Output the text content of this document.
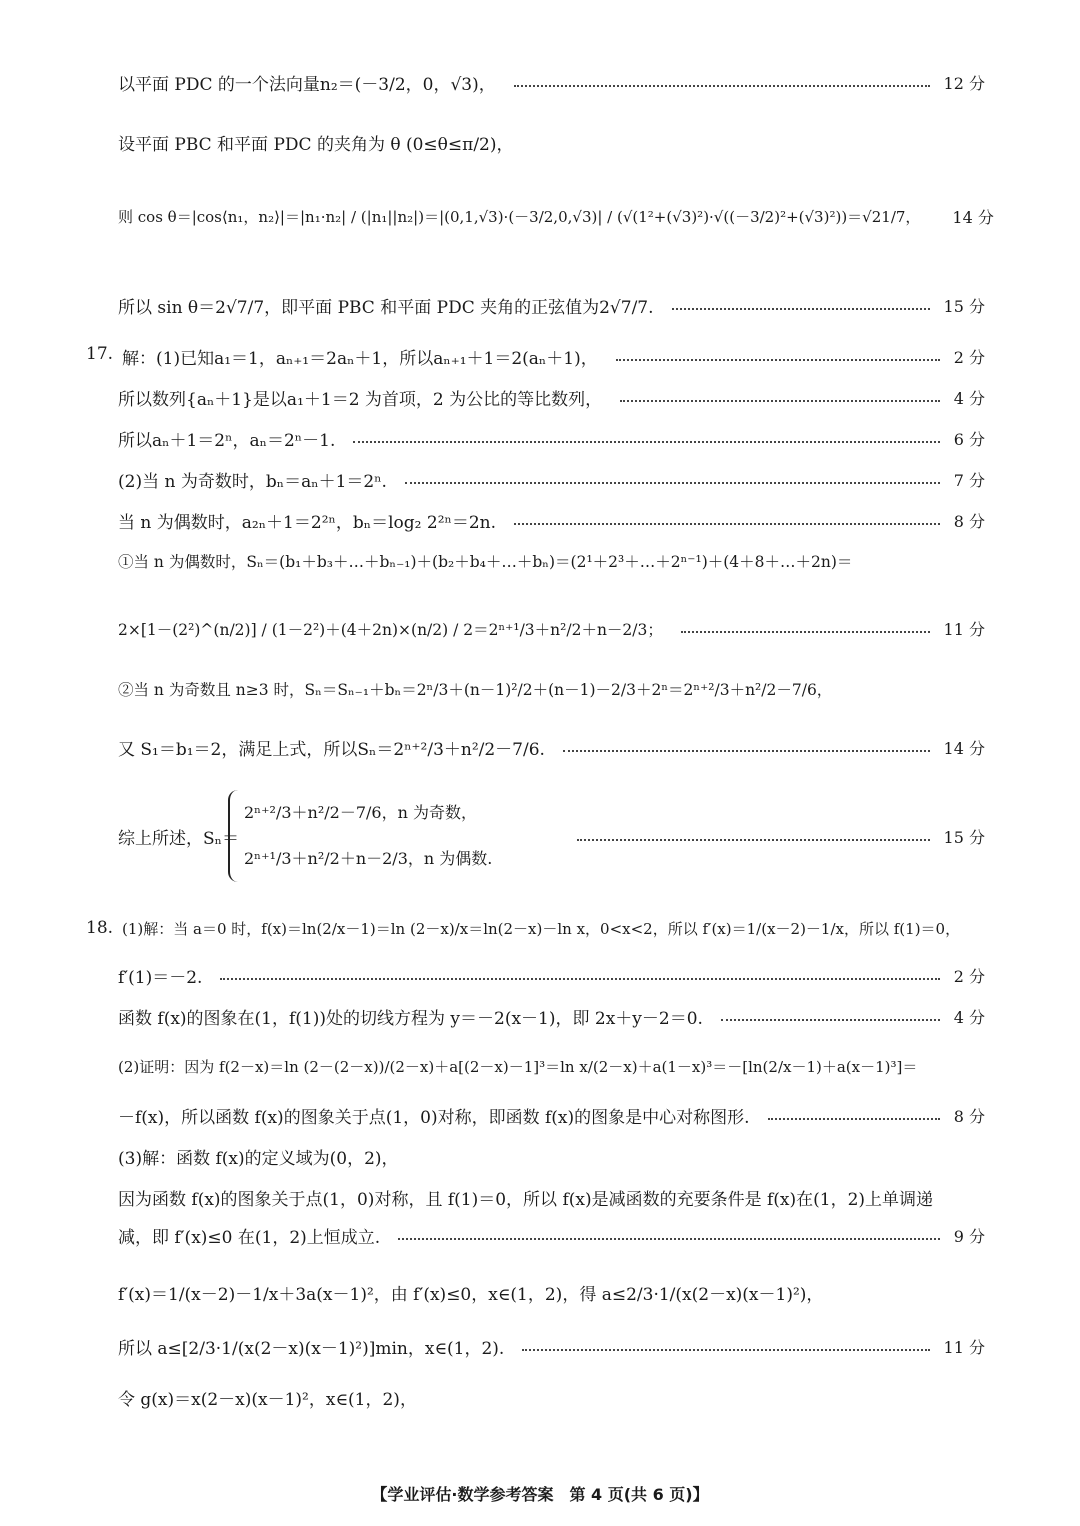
以平面 PDC 的一个法向量n₂＝(－3/2，0，√3)，	12 分
设平面 PBC 和平面 PDC 的夹角为 θ (0≤θ≤π/2)，
则 cos θ＝|cos⟨n₁，n₂⟩|＝|n₁·n₂| / (|n₁||n₂|)＝|(0,1,√3)·(－3/2,0,√3)| / (√(1²+(√3)²)·√((－3/2)²+(√3)²))＝√21/7， 14 分
所以 sin θ＝2√7/7，即平面 PBC 和平面 PDC 夹角的正弦值为2√7/7.	15 分
17. 解：(1)已知a₁＝1，aₙ₊₁＝2aₙ＋1，所以aₙ₊₁＋1＝2(aₙ＋1)，	2 分
所以数列{aₙ＋1}是以a₁＋1＝2 为首项，2 为公比的等比数列，	4 分
所以aₙ＋1＝2ⁿ，aₙ＝2ⁿ－1.	6 分
(2)当 n 为奇数时，bₙ＝aₙ＋1＝2ⁿ.	7 分
当 n 为偶数时，a₂ₙ＋1＝2²ⁿ，bₙ＝log₂ 2²ⁿ＝2n.	8 分
①当 n 为偶数时，Sₙ＝(b₁＋b₃＋…＋bₙ₋₁)＋(b₂＋b₄＋…＋bₙ)＝(2¹＋2³＋…＋2ⁿ⁻¹)＋(4＋8＋…＋2n)＝
2×[1－(2²)^(n/2)] / (1－2²)＋(4＋2n)×(n/2) / 2＝2ⁿ⁺¹/3＋n²/2＋n－2/3；	11 分
②当 n 为奇数且 n≥3 时，Sₙ＝Sₙ₋₁＋bₙ＝2ⁿ/3＋(n－1)²/2＋(n－1)－2/3＋2ⁿ＝2ⁿ⁺²/3＋n²/2－7/6，
又 S₁＝b₁＝2，满足上式，所以Sₙ＝2ⁿ⁺²/3＋n²/2－7/6.	14 分
综上所述，Sₙ＝	15 分
2ⁿ⁺²/3＋n²/2－7/6，n 为奇数，
2ⁿ⁺¹/3＋n²/2＋n－2/3，n 为偶数.
18. (1)解：当 a＝0 时，f(x)＝ln(2/x－1)＝ln (2－x)/x＝ln(2－x)－ln x，0<x<2，所以 f′(x)＝1/(x－2)－1/x，所以 f(1)＝0，
f′(1)＝－2.	2 分
函数 f(x)的图象在(1，f(1))处的切线方程为 y＝－2(x－1)，即 2x＋y－2＝0.	4 分
(2)证明：因为 f(2－x)＝ln (2－(2－x))/(2－x)＋a[(2－x)－1]³＝ln x/(2－x)＋a(1－x)³＝－[ln(2/x－1)＋a(x－1)³]＝
－f(x)，所以函数 f(x)的图象关于点(1，0)对称，即函数 f(x)的图象是中心对称图形.	8 分
(3)解：函数 f(x)的定义域为(0，2)，
因为函数 f(x)的图象关于点(1，0)对称，且 f(1)＝0，所以 f(x)是减函数的充要条件是 f(x)在(1，2)上单调递
减，即 f′(x)≤0 在(1，2)上恒成立.	9 分
f′(x)＝1/(x－2)－1/x＋3a(x－1)²，由 f′(x)≤0，x∈(1，2)，得 a≤2/3·1/(x(2－x)(x－1)²)，
所以 a≤[2/3·1/(x(2－x)(x－1)²)]min，x∈(1，2).	11 分
令 g(x)＝x(2－x)(x－1)²，x∈(1，2)，
【学业评估·数学参考答案　第 4 页(共 6 页)】
